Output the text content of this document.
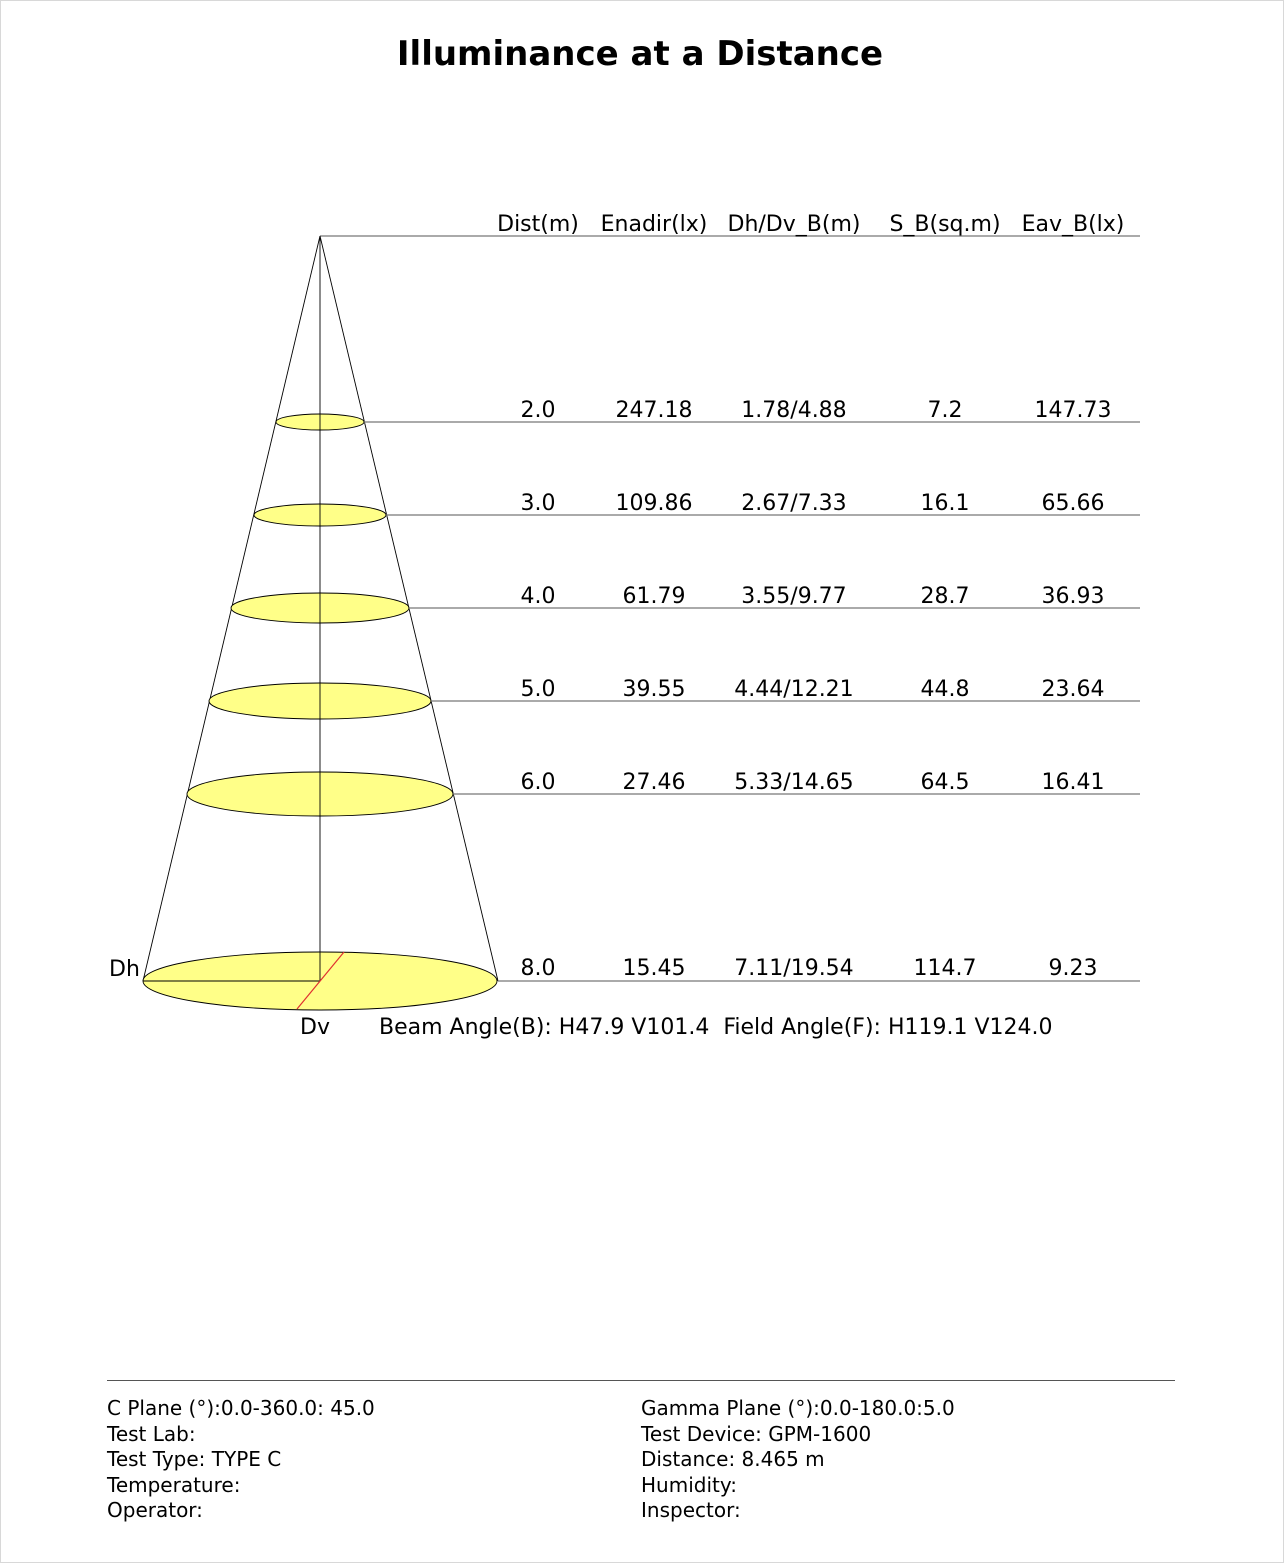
Illuminance at a Distance
Dist(m) Enadir(lx) Dh/Dv_B(m) S_B(sq.m) Eav_B(lx)
2.0	247.18 1.78/4.88	7.2	147.73
3.0	109.86 2.67/7.33	16.1	65.66
4.0	61.79	3.55/9.77	28.7	36.93
5.0	39.55 4.44/12.21	44.8	23.64
6.0	27.46 5.33/14.65	64.5	16.41
8.0	15.45 7.11/19.54	114.7	9.23
Dh
Dv Beam Angle(B): H47.9 V101.4  Field Angle(F): H119.1 V124.0
C Plane (°):0.0-360.0: 45.0
Test Lab:
Test Type: TYPE C
Temperature:
Operator:
Gamma Plane (°):0.0-180.0:5.0
Test Device: GPM-1600
Distance: 8.465 m
Humidity:
Inspector:
